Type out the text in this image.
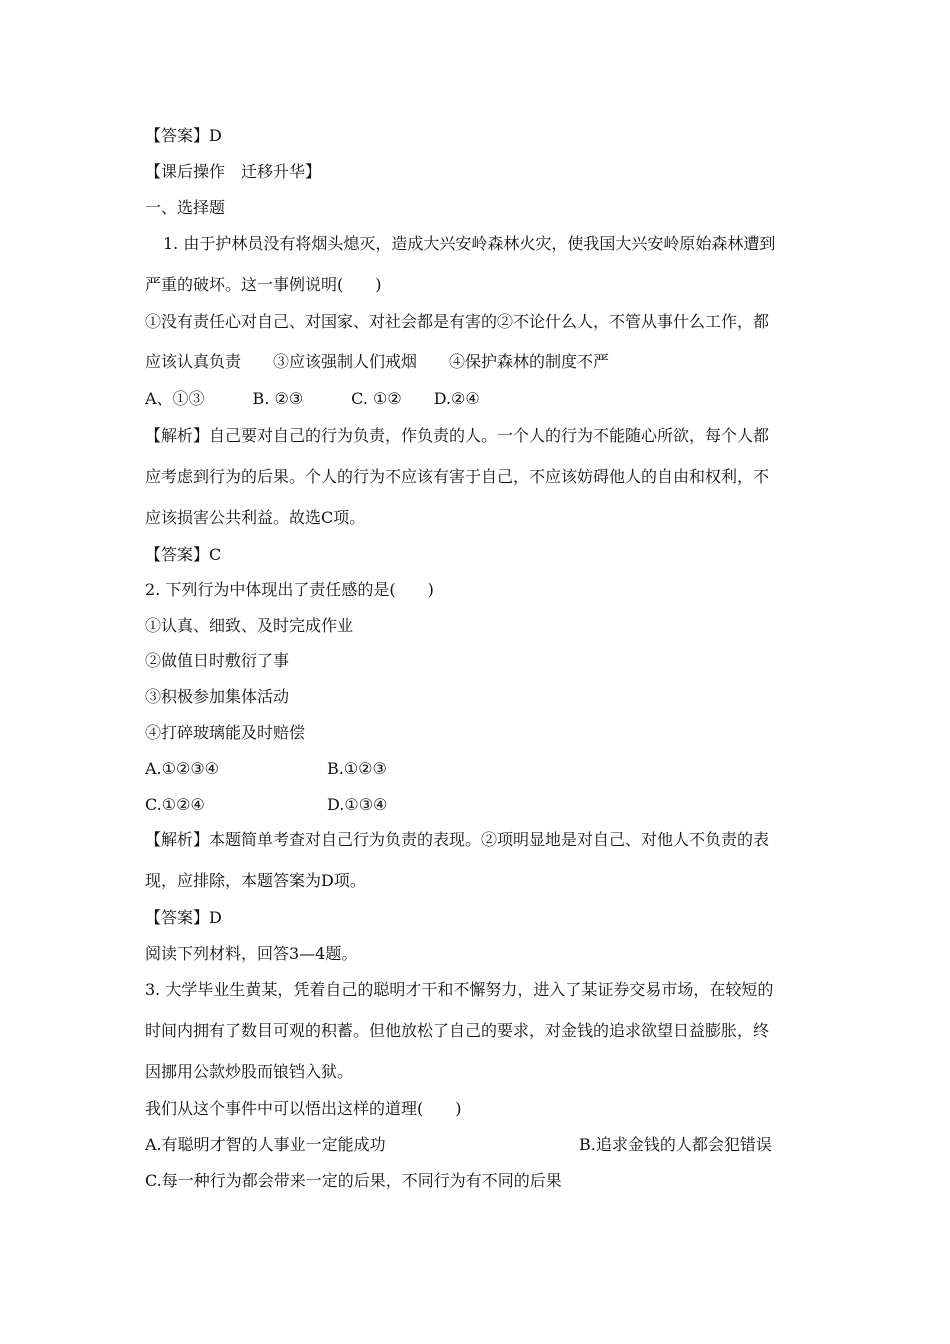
【答案】D
【课后操作　迁移升华】
一、选择题
1. 由于护林员没有将烟头熄灭，造成大兴安岭森林火灾，使我国大兴安岭原始森林遭到
严重的破坏。这一事例说明(　　)
①没有责任心对自己、对国家、对社会都是有害的②不论什么人，不管从事什么工作，都
应该认真负责　　③应该强制人们戒烟　　④保护森林的制度不严
A、①③　　　B. ②③　　　C. ①②　　D.②④
【解析】自己要对自己的行为负责，作负责的人。一个人的行为不能随心所欲，每个人都
应考虑到行为的后果。个人的行为不应该有害于自己，不应该妨碍他人的自由和权利，不
应该损害公共利益。故选C项。
【答案】C
2. 下列行为中体现出了责任感的是(　　)
①认真、细致、及时完成作业
②做值日时敷衍了事
③积极参加集体活动
④打碎玻璃能及时赔偿
A.①②③④	B.①②③
C.①②④	D.①③④
【解析】本题简单考查对自己行为负责的表现。②项明显地是对自己、对他人不负责的表
现，应排除，本题答案为D项。
【答案】D
阅读下列材料，回答3—4题。
3. 大学毕业生黄某，凭着自己的聪明才干和不懈努力，进入了某证券交易市场，在较短的
时间内拥有了数目可观的积蓄。但他放松了自己的要求，对金钱的追求欲望日益膨胀，终
因挪用公款炒股而锒铛入狱。
我们从这个事件中可以悟出这样的道理(　　)
A.有聪明才智的人事业一定能成功	B.追求金钱的人都会犯错误
C.每一种行为都会带来一定的后果，不同行为有不同的后果
